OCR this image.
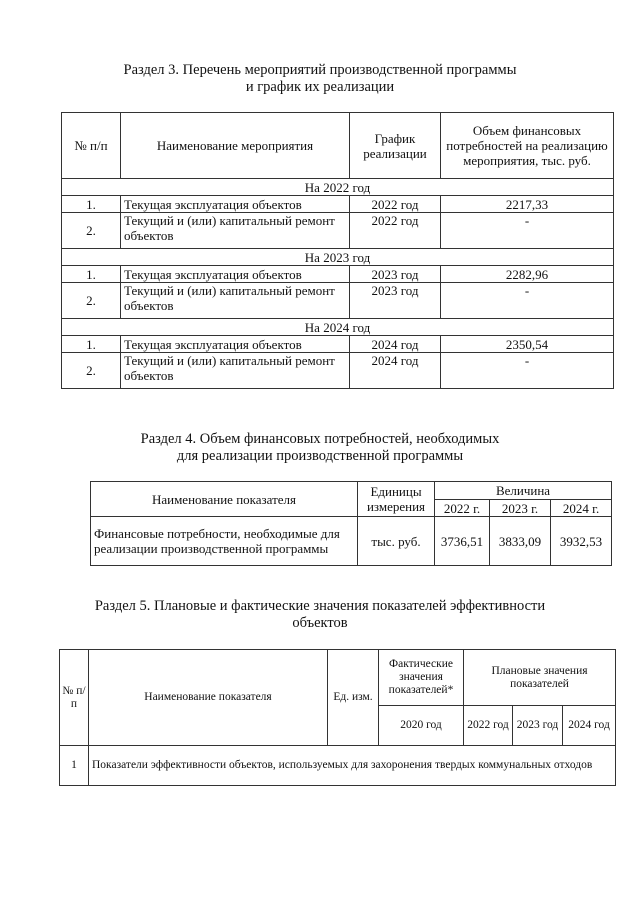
Раздел 3. Перечень мероприятий производственной программы
и график их реализации
№ п/п	Наименование мероприятия	График реализации	Объем финансовых потребностей на реализацию мероприятия, тыс. руб.
На 2022 год			
1.	Текущая эксплуатация объектов	2022 год	2217,33
2.	Текущий и (или) капитальный ремонт объектов	2022 год	-
На 2023 год			
1.	Текущая эксплуатация объектов	2023 год	2282,96
2.	Текущий и (или) капитальный ремонт объектов	2023 год	-
На 2024 год			
1.	Текущая эксплуатация объектов	2024 год	2350,54
2.	Текущий и (или) капитальный ремонт объектов	2024 год	-
Раздел 4. Объем финансовых потребностей, необходимых
для реализации производственной программы
Наименование показателя	Единицы измерения	Величина		
		2022 г.	2023 г.	2024 г.
Финансовые потребности, необходимые для реализации производственной программы	тыс. руб.	3736,51	3833,09	3932,53
Раздел 5. Плановые и фактические значения показателей эффективности
объектов
№ п/п	Наименование показателя	Ед. изм.	Фактические значения показателей*	Плановые значения показателей		
			2020 год	2022 год	2023 год	2024 год
1	Показатели эффективности объектов, используемых для захоронения твердых коммунальных отходов					
